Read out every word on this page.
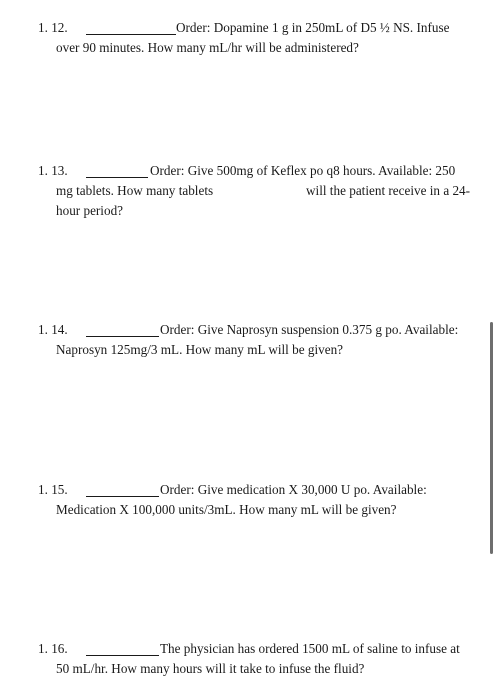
1. 12.	Order: Dopamine 1 g in 250mL of D5 ½ NS. Infuse
over 90 minutes. How many mL/hr will be administered?
1. 13.	Order: Give 500mg of Keflex po q8 hours. Available: 250
mg tablets. How many tablets	will the patient receive in a 24-
hour period?
1. 14.	Order: Give Naprosyn suspension 0.375 g po. Available:
Naprosyn 125mg/3 mL. How many mL will be given?
1. 15.	Order: Give medication X 30,000 U po. Available:
Medication X 100,000 units/3mL. How many mL will be given?
1. 16.	The physician has ordered 1500 mL of saline to infuse at
50 mL/hr. How many hours will it take to infuse the fluid?
